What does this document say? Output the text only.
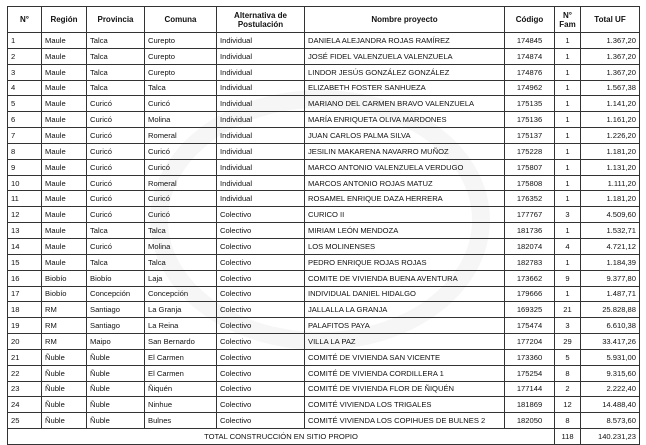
N°	Región	Provincia	Comuna	Alternativa de Postulación	Nombre proyecto	Código	N° Fam	Total UF
1	Maule	Talca	Curepto	Individual	DANIELA ALEJANDRA ROJAS RAMÍREZ	174845	1	1.367,20
2	Maule	Talca	Curepto	Individual	JOSÉ FIDEL VALENZUELA VALENZUELA	174874	1	1.367,20
3	Maule	Talca	Curepto	Individual	LINDOR JESÚS GONZÁLEZ GONZÁLEZ	174876	1	1.367,20
4	Maule	Talca	Talca	Individual	ELIZABETH FOSTER SANHUEZA	174962	1	1.567,38
5	Maule	Curicó	Curicó	Individual	MARIANO DEL CARMEN BRAVO VALENZUELA	175135	1	1.141,20
6	Maule	Curicó	Molina	Individual	MARÍA ENRIQUETA OLIVA MARDONES	175136	1	1.161,20
7	Maule	Curicó	Romeral	Individual	JUAN CARLOS PALMA SILVA	175137	1	1.226,20
8	Maule	Curicó	Curicó	Individual	JESILIN MAKARENA NAVARRO MUÑOZ	175228	1	1.181,20
9	Maule	Curicó	Curicó	Individual	MARCO ANTONIO VALENZUELA VERDUGO	175807	1	1.131,20
10	Maule	Curicó	Romeral	Individual	MARCOS ANTONIO ROJAS MATUZ	175808	1	1.111,20
11	Maule	Curicó	Curicó	Individual	ROSAMEL ENRIQUE DAZA HERRERA	176352	1	1.181,20
12	Maule	Curicó	Curicó	Colectivo	CURICO II	177767	3	4.509,60
13	Maule	Talca	Talca	Colectivo	MIRIAM LEÓN MENDOZA	181736	1	1.532,71
14	Maule	Curicó	Molina	Colectivo	LOS MOLINENSES	182074	4	4.721,12
15	Maule	Talca	Talca	Colectivo	PEDRO ENRIQUE ROJAS ROJAS	182783	1	1.184,39
16	Biobío	Biobío	Laja	Colectivo	COMITE DE VIVIENDA BUENA AVENTURA	173662	9	9.377,80
17	Biobío	Concepción	Concepción	Colectivo	INDIVIDUAL DANIEL HIDALGO	179666	1	1.487,71
18	RM	Santiago	La Granja	Colectivo	JALLALLA LA GRANJA	169325	21	25.828,88
19	RM	Santiago	La Reina	Colectivo	PALAFITOS PAYA	175474	3	6.610,38
20	RM	Maipo	San Bernardo	Colectivo	VILLA LA PAZ	177204	29	33.417,26
21	Ñuble	Ñuble	El Carmen	Colectivo	COMITÉ DE VIVIENDA SAN VICENTE	173360	5	5.931,00
22	Ñuble	Ñuble	El Carmen	Colectivo	COMITÉ DE VIVIENDA CORDILLERA 1	175254	8	9.315,60
23	Ñuble	Ñuble	Ñiquén	Colectivo	COMITÉ DE VIVIENDA FLOR DE ÑIQUÉN	177144	2	2.222,40
24	Ñuble	Ñuble	Ninhue	Colectivo	COMITÉ VIVIENDA LOS TRIGALES	181869	12	14.488,40
25	Ñuble	Ñuble	Bulnes	Colectivo	COMITÉ VIVIENDA LOS COPIHUES DE BULNES 2	182050	8	8.573,60
TOTAL CONSTRUCCIÓN EN SITIO PROPIO							118	140.231,23
